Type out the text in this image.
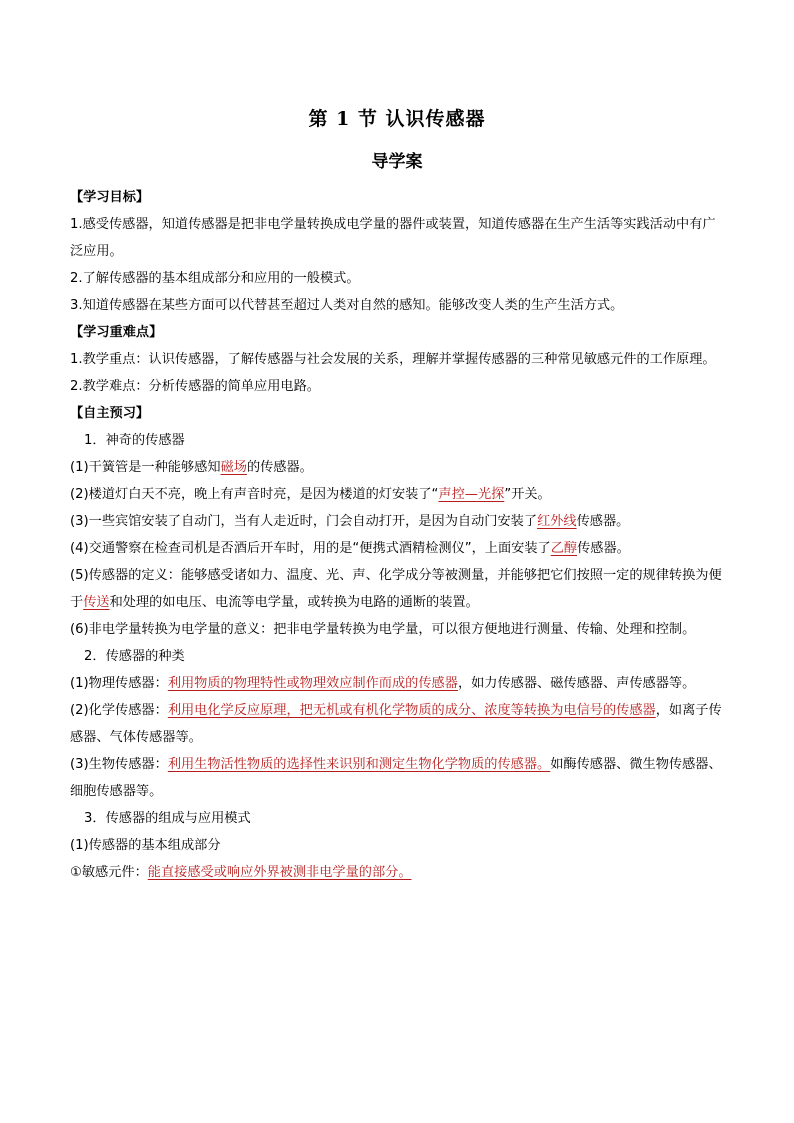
第 1 节 认识传感器
导学案

【学习目标】

1.感受传感器，知道传感器是把非电学量转换成电学量的器件或装置，知道传感器在生产生活等实践活动中有广泛应用。

2.了解传感器的基本组成部分和应用的一般模式。

3.知道传感器在某些方面可以代替甚至超过人类对自然的感知。能够改变人类的生产生活方式。

【学习重难点】

1.教学重点：认识传感器，了解传感器与社会发展的关系，理解并掌握传感器的三种常见敏感元件的工作原理。

2.教学难点：分析传感器的简单应用电路。

【自主预习】

1．神奇的传感器

(1)干簧管是一种能够感知磁场的传感器。

(2)楼道灯白天不亮，晚上有声音时亮，是因为楼道的灯安装了“声控—光探”开关。

(3)一些宾馆安装了自动门，当有人走近时，门会自动打开，是因为自动门安装了红外线传感器。

(4)交通警察在检查司机是否酒后开车时，用的是“便携式酒精检测仪”，上面安装了乙醇传感器。

(5)传感器的定义：能够感受诸如力、温度、光、声、化学成分等被测量，并能够把它们按照一定的规律转换为便于传送和处理的如电压、电流等电学量，或转换为电路的通断的装置。

(6)非电学量转换为电学量的意义：把非电学量转换为电学量，可以很方便地进行测量、传输、处理和控制。

2．传感器的种类

(1)物理传感器：利用物质的物理特性或物理效应制作而成的传感器，如力传感器、磁传感器、声传感器等。

(2)化学传感器：利用电化学反应原理，把无机或有机化学物质的成分、浓度等转换为电信号的传感器，如离子传感器、气体传感器等。

(3)生物传感器：利用生物活性物质的选择性来识别和测定生物化学物质的传感器。如酶传感器、微生物传感器、细胞传感器等。

3．传感器的组成与应用模式

(1)传感器的基本组成部分

①敏感元件：能直接感受或响应外界被测非电学量的部分。
